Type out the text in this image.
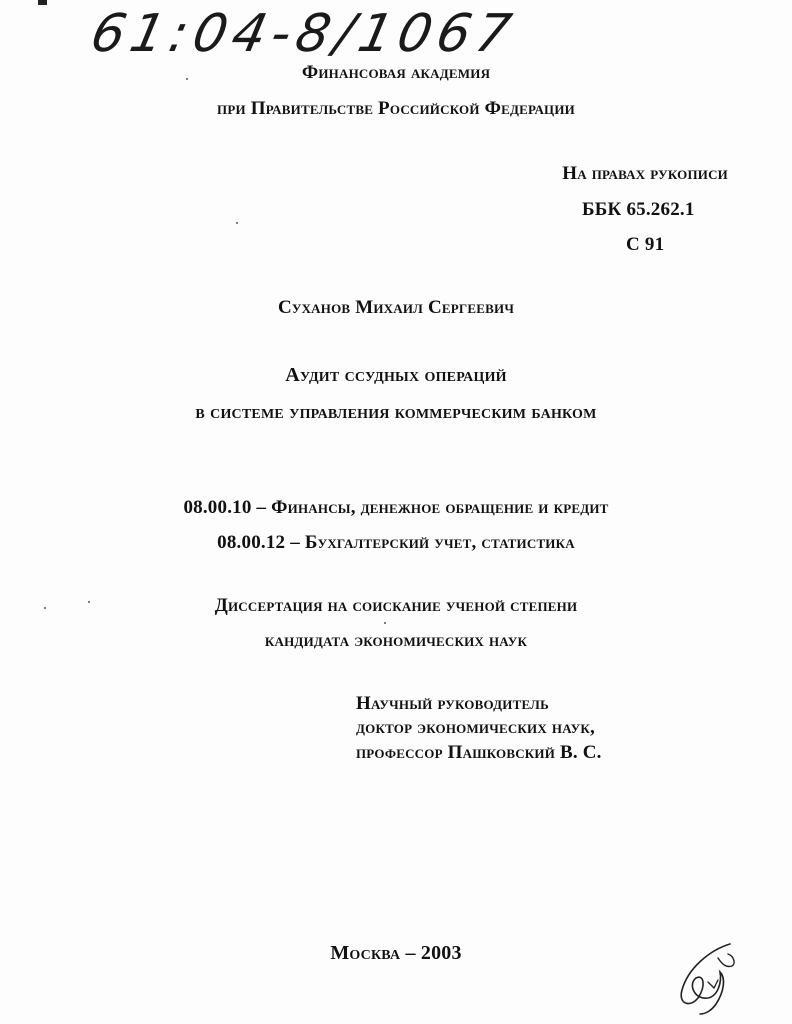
61:04-8/1067
Финансовая академия
при Правительстве Российской Федерации
На правах рукописи
ББК 65.262.1
С 91
Суханов Михаил Сергеевич
Аудит ссудных операций
в системе управления коммерческим банком
08.00.10 – Финансы, денежное обращение и кредит
08.00.12 – Бухгалтерский учет, статистика
Диссертация на соискание ученой степени
кандидата экономических наук
Научный руководитель
доктор экономических наук,
профессор Пашковский В. С.
Москва – 2003
